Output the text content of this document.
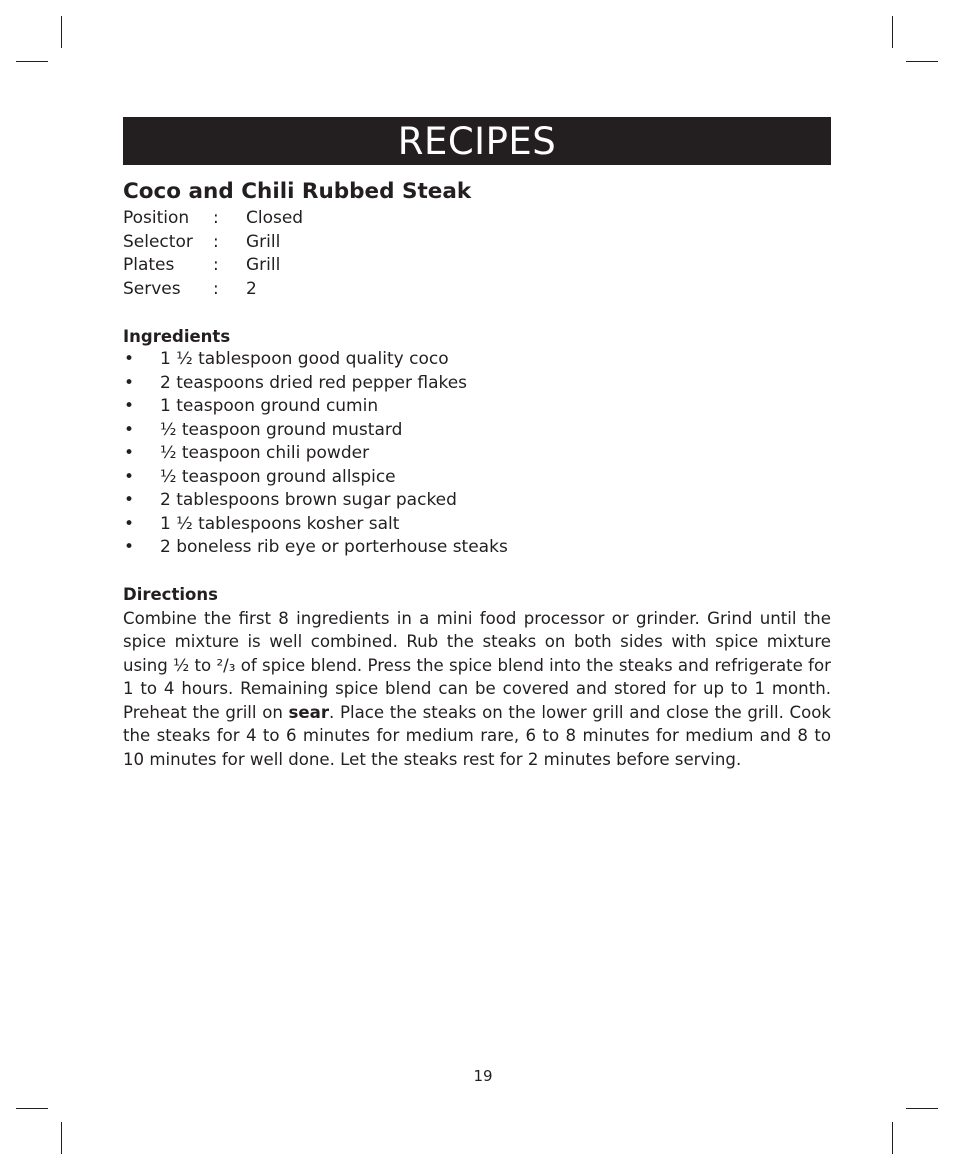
RECIPES
Coco and Chili Rubbed Steak
Position	:	Closed
Selector	:	Grill
Plates	:	Grill
Serves	:	2
Ingredients
•	1 ½ tablespoon good quality coco
•	2 teaspoons dried red pepper flakes
•	1 teaspoon ground cumin
•	½ teaspoon ground mustard
•	½ teaspoon chili powder
•	½ teaspoon ground allspice
•	2 tablespoons brown sugar packed
•	1 ½ tablespoons kosher salt
•	2 boneless rib eye or porterhouse steaks
Directions
Combine the first 8 ingredients in a mini food processor or grinder. Grind until the spice mixture is well combined. Rub the steaks on both sides with spice mixture using ½ to ²/₃ of spice blend. Press the spice blend into the steaks and refrigerate for 1 to 4 hours. Remaining spice blend can be covered and stored for up to 1 month. Preheat the grill on sear. Place the steaks on the lower grill and close the grill. Cook the steaks for 4 to 6 minutes for medium rare, 6 to 8 minutes for medium and 8 to 10 minutes for well done. Let the steaks rest for 2 minutes before serving.
19
